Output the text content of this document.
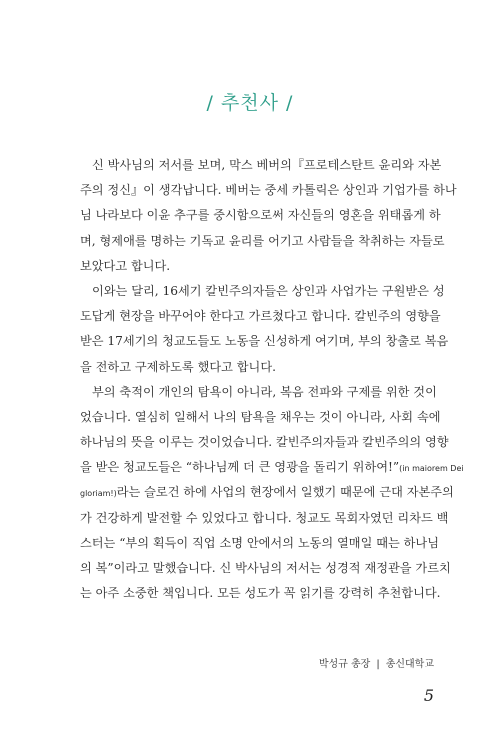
/ 추천사 /
신 박사님의 저서를 보며, 막스 베버의『프로테스탄트 윤리와 자본
주의 정신』이 생각납니다. 베버는 중세 카톨릭은 상인과 기업가를 하나
님 나라보다 이윤 추구를 중시함으로써 자신들의 영혼을 위태롭게 하
며, 형제애를 명하는 기독교 윤리를 어기고 사람들을 착취하는 자들로
보았다고 합니다.
이와는 달리, 16세기 칼빈주의자들은 상인과 사업가는 구원받은 성
도답게 현장을 바꾸어야 한다고 가르쳤다고 합니다. 칼빈주의 영향을
받은 17세기의 청교도들도 노동을 신성하게 여기며, 부의 창출로 복음
을 전하고 구제하도록 했다고 합니다.
부의 축적이 개인의 탐욕이 아니라, 복음 전파와 구제를 위한 것이
었습니다. 열심히 일해서 나의 탐욕을 채우는 것이 아니라, 사회 속에
하나님의 뜻을 이루는 것이었습니다. 칼빈주의자들과 칼빈주의의 영향
을 받은 청교도들은 “하나님께 더 큰 영광을 돌리기 위하여!”(in maiorem Dei
gloriam!)라는 슬로건 하에 사업의 현장에서 일했기 때문에 근대 자본주의
가 건강하게 발전할 수 있었다고 합니다. 청교도 목회자였던 리차드 백
스터는 “부의 획득이 직업 소명 안에서의 노동의 열매일 때는 하나님
의 복”이라고 말했습니다. 신 박사님의 저서는 성경적 재정관을 가르치
는 아주 소중한 책입니다. 모든 성도가 꼭 읽기를 강력히 추천합니다.
박성규 총장 | 총신대학교
5
